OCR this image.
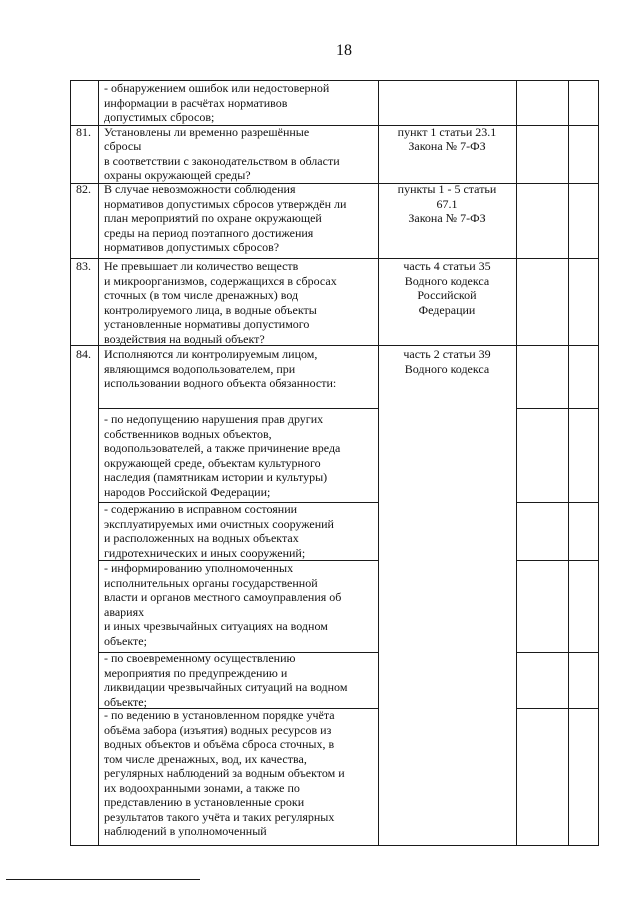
18
- обнаружением ошибок или недостоверной
информации в расчётах нормативов
допустимых сбросов;
81. Установлены ли временно разрешённые
сбросы
в соответствии с законодательством в области
охраны окружающей среды?
пункт 1 статьи 23.1
Закона № 7-ФЗ
82. В случае невозможности соблюдения
нормативов допустимых сбросов утверждён ли
план мероприятий по охране окружающей
среды на период поэтапного достижения
нормативов допустимых сбросов?
пункты 1 - 5 статьи
67.1
Закона № 7-ФЗ
83. Не превышает ли количество веществ
и микроорганизмов, содержащихся в сбросах
сточных (в том числе дренажных) вод
контролируемого лица, в водные объекты
установленные нормативы допустимого
воздействия на водный объект?
часть 4 статьи 35
Водного кодекса
Российской
Федерации
84. Исполняются ли контролируемым лицом,
являющимся водопользователем, при
использовании водного объекта обязанности:
- по недопущению нарушения прав других
собственников водных объектов,
водопользователей, а также причинение вреда
окружающей среде, объектам культурного
наследия (памятникам истории и культуры)
народов Российской Федерации;
- содержанию в исправном состоянии
эксплуатируемых ими очистных сооружений
и расположенных на водных объектах
гидротехнических и иных сооружений;
- информированию уполномоченных
исполнительных органы государственной
власти и органов местного самоуправления об
авариях
и иных чрезвычайных ситуациях на водном
объекте;
- по своевременному осуществлению
мероприятия по предупреждению и
ликвидации чрезвычайных ситуаций на водном
объекте;
- по ведению в установленном порядке учёта
объёма забора (изъятия) водных ресурсов из
водных объектов и объёма сброса сточных, в
том числе дренажных, вод, их качества,
регулярных наблюдений за водным объектом и
их водоохранными зонами, а также по
представлению в установленные сроки
результатов такого учёта и таких регулярных
наблюдений в уполномоченный
часть 2 статьи 39
Водного кодекса
